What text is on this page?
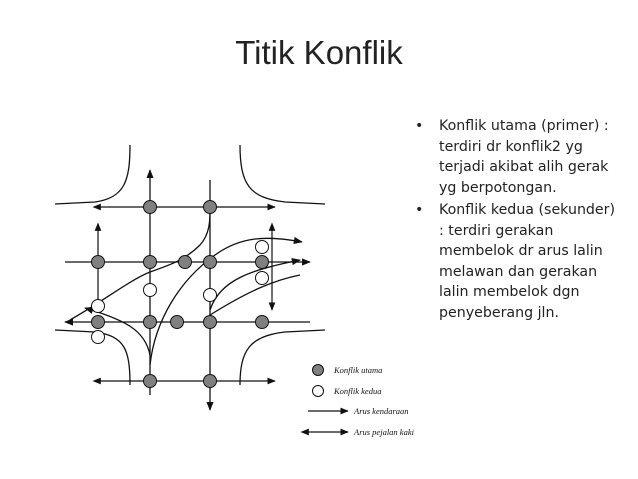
Titik Konflik
• Konflik utama (primer) : terdiri dr konflik2 yg terjadi akibat alih gerak yg berpotongan.
• Konflik kedua (sekunder) : terdiri gerakan membelok dr arus lalin melawan dan gerakan lalin membelok dgn penyeberang jln.
Konflik utama
Konflik kedua
Arus kendaraan
Arus pejalan kaki
